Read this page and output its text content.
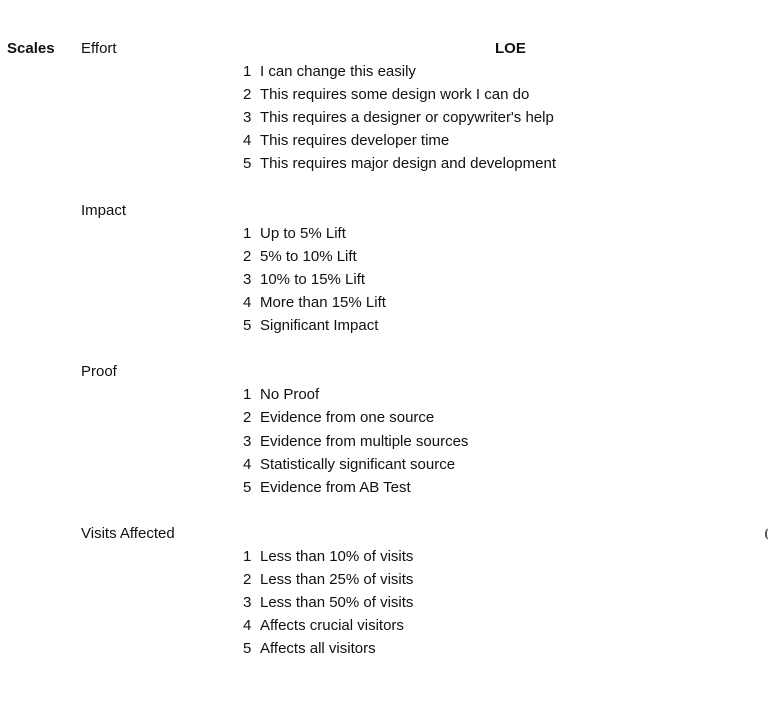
Scales	LOE
Effort
1 I can change this easily
2 This requires some design work I can do
3 This requires a designer or copywriter's help
4 This requires developer time
5 This requires major design and development
Impact
1 Up to 5% Lift
2 5% to 10% Lift
3 10% to 15% Lift
4 More than 15% Lift
5 Significant Impact
Proof
1 No Proof
2 Evidence from one source
3 Evidence from multiple sources
4 Statistically significant source
5 Evidence from AB Test
Visits Affected
1 Less than 10% of visits
2 Less than 25% of visits
3 Less than 50% of visits
4 Affects crucial visitors
5 Affects all visitors
